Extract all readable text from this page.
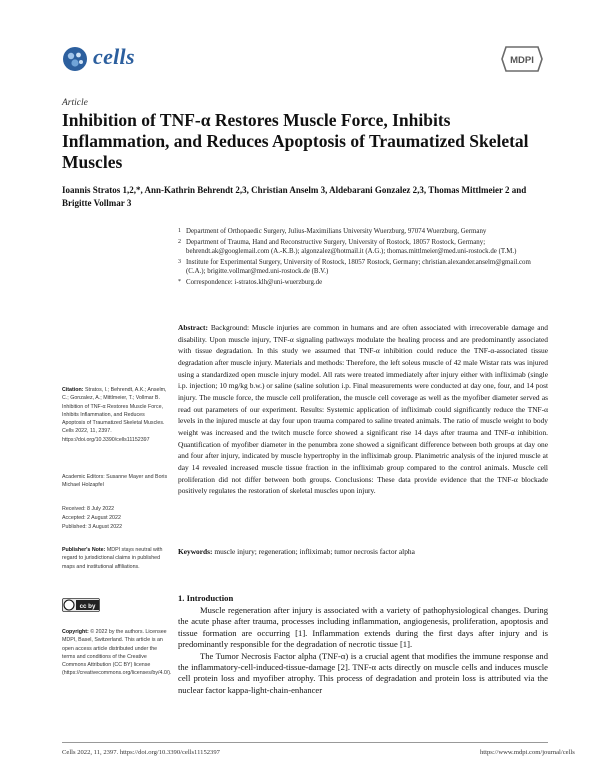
cells	MDPI
Article
Inhibition of TNF-α Restores Muscle Force, Inhibits Inflammation, and Reduces Apoptosis of Traumatized Skeletal Muscles
Ioannis Stratos 1,2,*, Ann-Kathrin Behrendt 2,3, Christian Anselm 3, Aldebarani Gonzalez 2,3, Thomas Mittlmeier 2 and Brigitte Vollmar 3
1 Department of Orthopaedic Surgery, Julius-Maximilians University Wuerzburg, 97074 Wuerzburg, Germany
2 Department of Trauma, Hand and Reconstructive Surgery, University of Rostock, 18057 Rostock, Germany; behrendt.ak@googlemail.com (A.-K.B.); algonzalez@hotmail.it (A.G.); thomas.mittlmeier@med.uni-rostock.de (T.M.)
3 Institute for Experimental Surgery, University of Rostock, 18057 Rostock, Germany; christian.alexander.anselm@gmail.com (C.A.); brigitte.vollmar@med.uni-rostock.de (B.V.)
* Correspondence: i-stratos.klh@uni-wuerzburg.de
Abstract: Background: Muscle injuries are common in humans and are often associated with irrecoverable damage and disability. Upon muscle injury, TNF-α signaling pathways modulate the healing process and are predominantly associated with tissue degradation. In this study we assumed that TNF-α inhibition could reduce the TNF-α-associated tissue degradation after muscle injury. Materials and methods: Therefore, the left soleus muscle of 42 male Wistar rats was injured using a standardized open muscle injury model. All rats were treated immediately after injury either with infliximab (single i.p. injection; 10 mg/kg b.w.) or saline (saline solution i.p. Final measurements were conducted at day one, four, and 14 post injury. The muscle force, the muscle cell proliferation, the muscle cell coverage as well as the myofiber diameter served as read out parameters of our experiment. Results: Systemic application of infliximab could significantly reduce the TNF-α levels in the injured muscle at day four upon trauma compared to saline treated animals. The ratio of muscle weight to body weight was increased and the twitch muscle force showed a significant rise 14 days after trauma and TNF-α inhibition. Quantification of myofiber diameter in the penumbra zone showed a significant difference between both groups at day one and four after injury, indicated by muscle hypertrophy in the infliximab group. Planimetric analysis of the injured muscle at day 14 revealed increased muscle tissue fraction in the infliximab group compared to the control animals. Muscle cell proliferation did not differ between both groups. Conclusions: These data provide evidence that the TNF-α blockade positively regulates the restoration of skeletal muscles upon injury.
Keywords: muscle injury; regeneration; infliximab; tumor necrosis factor alpha
Citation: Stratos, I.; Behrendt, A.K.; Anselm, C.; Gonzalez, A.; Mittlmeier, T.; Vollmar B. Inhibition of TNF-α Restores Muscle Force, Inhibits Inflammation, and Reduces Apoptosis of Traumatized Skeletal Muscles. Cells 2022, 11, 2397. https://doi.org/10.3390/cells11152397
Academic Editors: Susanne Mayer and Boris Michael Holzapfel
Received: 8 July 2022
Accepted: 2 August 2022
Published: 3 August 2022
Publisher's Note: MDPI stays neutral with regard to jurisdictional claims in published maps and institutional affiliations.
cc by
Copyright: © 2022 by the authors. Licensee MDPI, Basel, Switzerland. This article is an open access article distributed under the terms and conditions of the Creative Commons Attribution (CC BY) license (https://creativecommons.org/licenses/by/4.0/).
1. Introduction

Muscle regeneration after injury is associated with a variety of pathophysiological changes. During the acute phase after trauma, processes including inflammation, angiogenesis, proliferation, apoptosis and tissue formation are occurring [1]. Inflammation extends during the first days after injury and is predominantly responsible for the degradation of necrotic tissue [1].

The Tumor Necrosis Factor alpha (TNF-α) is a crucial agent that modifies the immune response and the inflammatory-cell-induced-tissue-damage [2]. TNF-α acts directly on muscle cells and induces muscle cell protein loss and myofiber atrophy. This process of degradation and protein loss is attributed via the nuclear factor kappa-light-chain-enhancer

Cells 2022, 11, 2397. https://doi.org/10.3390/cells11152397	https://www.mdpi.com/journal/cells
